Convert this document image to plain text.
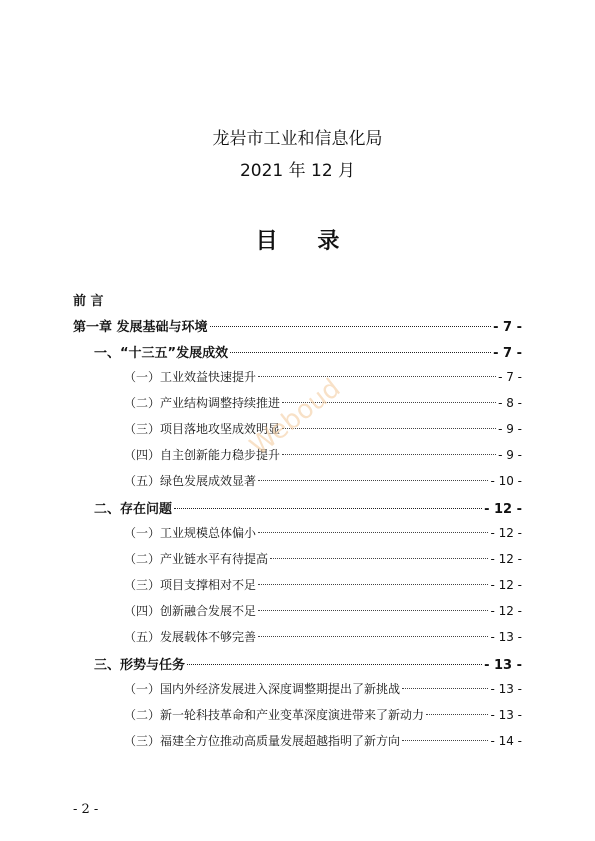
龙岩市工业和信息化局
2021 年 12 月
目 录
前 言
第一章 发展基础与环境	- 7 -
一、“十三五”发展成效	- 7 -
（一）工业效益快速提升	- 7 -
（二）产业结构调整持续推进	- 8 -
（三）项目落地攻坚成效明显	- 9 -
（四）自主创新能力稳步提升	- 9 -
（五）绿色发展成效显著	- 10 -
二、存在问题	- 12 -
（一）工业规模总体偏小	- 12 -
（二）产业链水平有待提高	- 12 -
（三）项目支撑相对不足	- 12 -
（四）创新融合发展不足	- 12 -
（五）发展载体不够完善	- 13 -
三、形势与任务	- 13 -
（一）国内外经济发展进入深度调整期提出了新挑战	- 13 -
（二）新一轮科技革命和产业变革深度演进带来了新动力	- 13 -
（三）福建全方位推动高质量发展超越指明了新方向	- 14 -
Weboud
- 2 -
